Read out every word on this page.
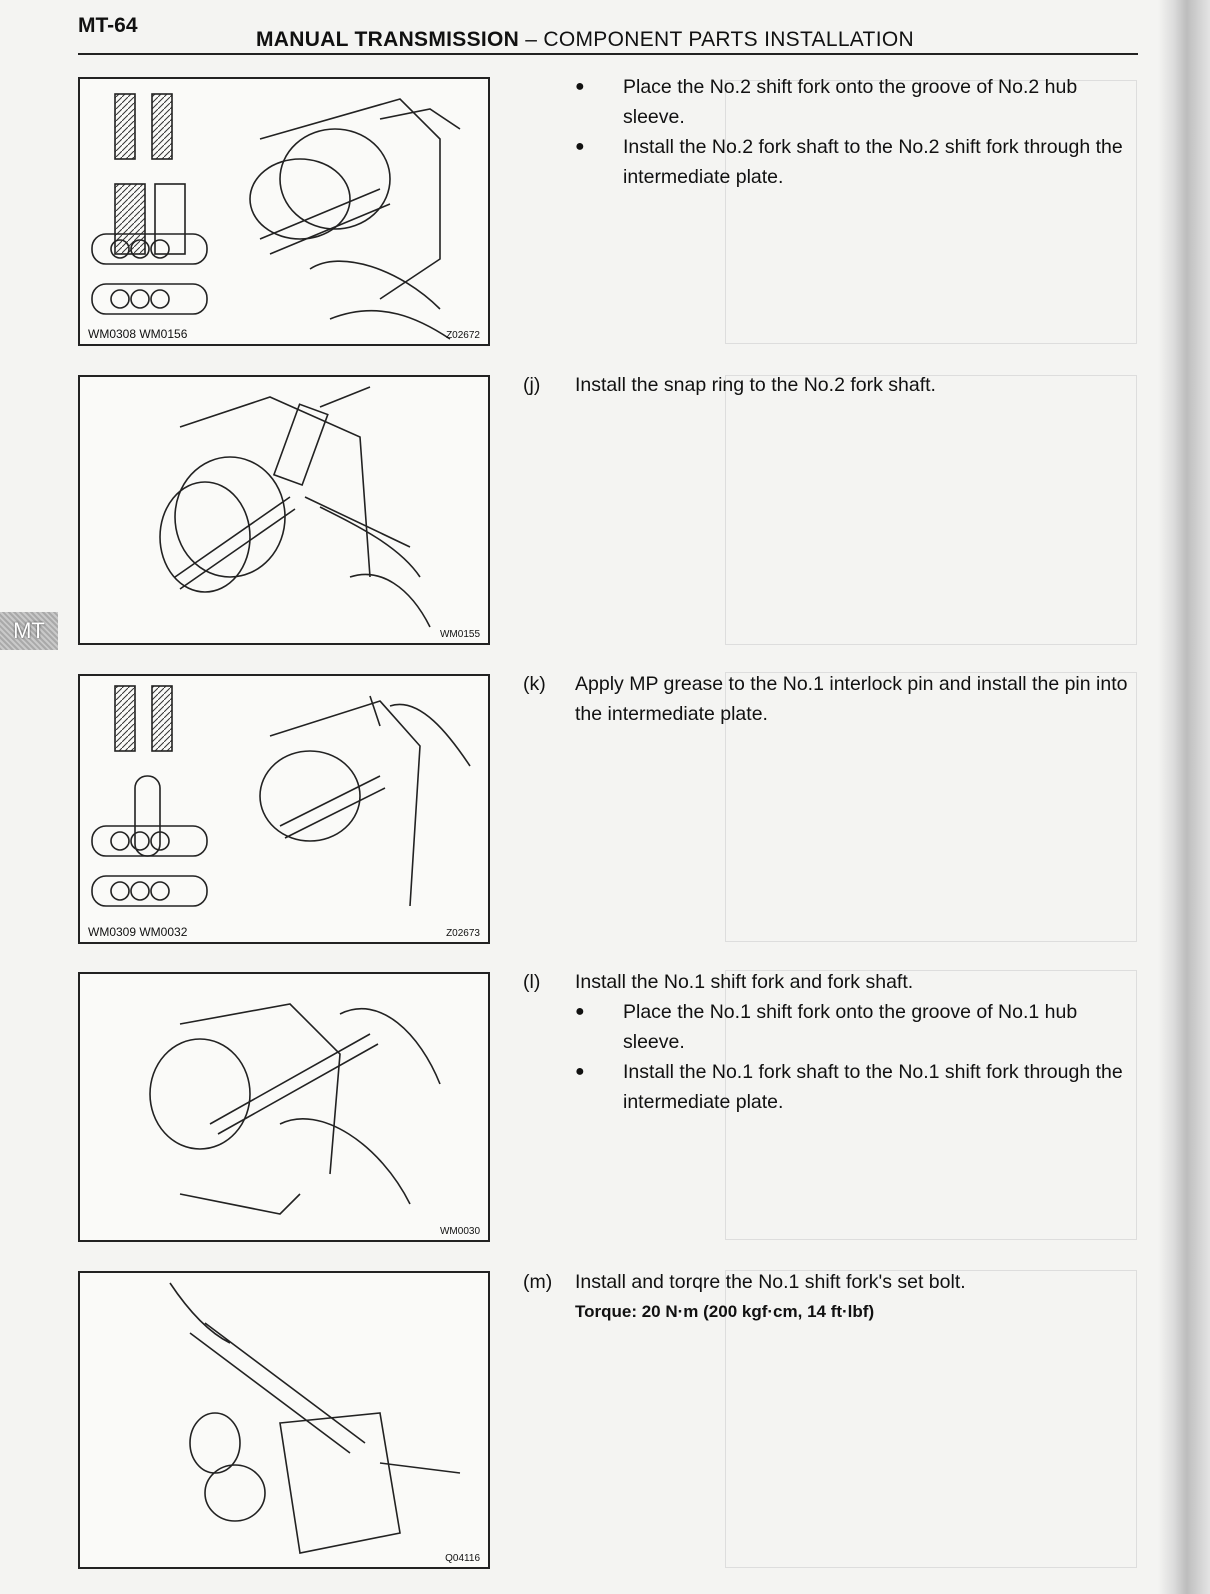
MT-64
MANUAL TRANSMISSION – COMPONENT PARTS INSTALLATION
MT
WM0308 WM0156	Z02672
WM0155
WM0309 WM0032	Z02673
WM0030
Q04116
●	Place the No.2 shift fork onto the groove of No.2 hub sleeve.
●	Install the No.2 fork shaft to the No.2 shift fork through the intermediate plate.
(j)	Install the snap ring to the No.2 fork shaft.
(k)	Apply MP grease to the No.1 interlock pin and install the pin into the intermediate plate.
(l)	Install the No.1 shift fork and fork shaft.
●	Place the No.1 shift fork onto the groove of No.1 hub sleeve.
●	Install the No.1 fork shaft to the No.1 shift fork through the intermediate plate.
(m)	Install and torqre the No.1 shift fork's set bolt.
Torque: 20 N·m (200 kgf·cm, 14 ft·lbf)
